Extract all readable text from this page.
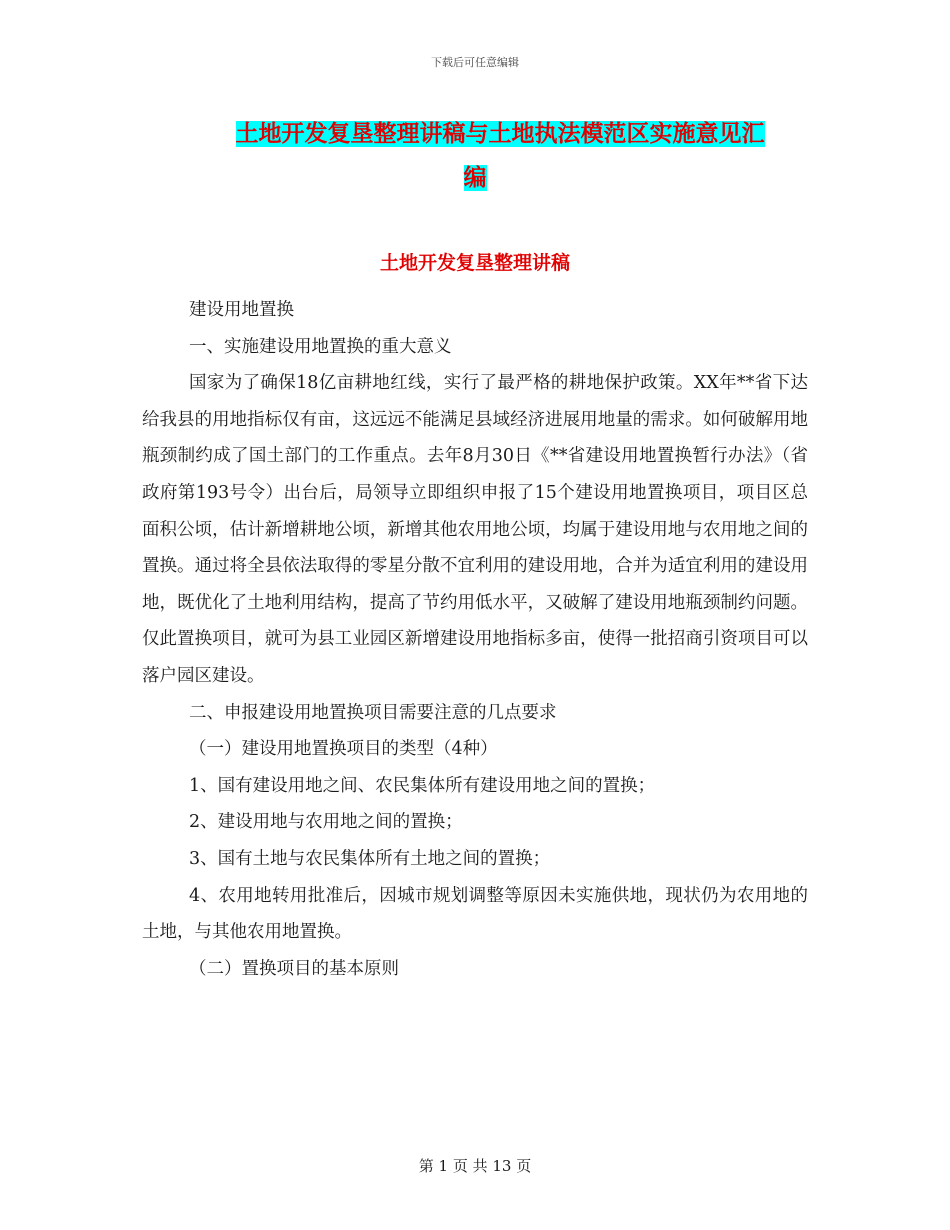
下载后可任意编辑
土地开发复垦整理讲稿与土地执法模范区实施意见汇
编
土地开发复垦整理讲稿

建设用地置换

一、实施建设用地置换的重大意义

国家为了确保18亿亩耕地红线，实行了最严格的耕地保护政策。XX年**省下达给我县的用地指标仅有亩，这远远不能满足县域经济进展用地量的需求。如何破解用地瓶颈制约成了国土部门的工作重点。去年8月30日《**省建设用地置换暂行办法》（省政府第193号令）出台后，局领导立即组织申报了15个建设用地置换项目，项目区总面积公顷，估计新增耕地公顷，新增其他农用地公顷，均属于建设用地与农用地之间的置换。通过将全县依法取得的零星分散不宜利用的建设用地，合并为适宜利用的建设用地，既优化了土地利用结构，提高了节约用低水平，又破解了建设用地瓶颈制约问题。仅此置换项目，就可为县工业园区新增建设用地指标多亩，使得一批招商引资项目可以落户园区建设。

二、申报建设用地置换项目需要注意的几点要求

（一）建设用地置换项目的类型（4种）

1、国有建设用地之间、农民集体所有建设用地之间的置换；

2、建设用地与农用地之间的置换；

3、国有土地与农民集体所有土地之间的置换；

4、农用地转用批准后，因城市规划调整等原因未实施供地，现状仍为农用地的土地，与其他农用地置换。

（二）置换项目的基本原则

第 1 页 共 13 页
